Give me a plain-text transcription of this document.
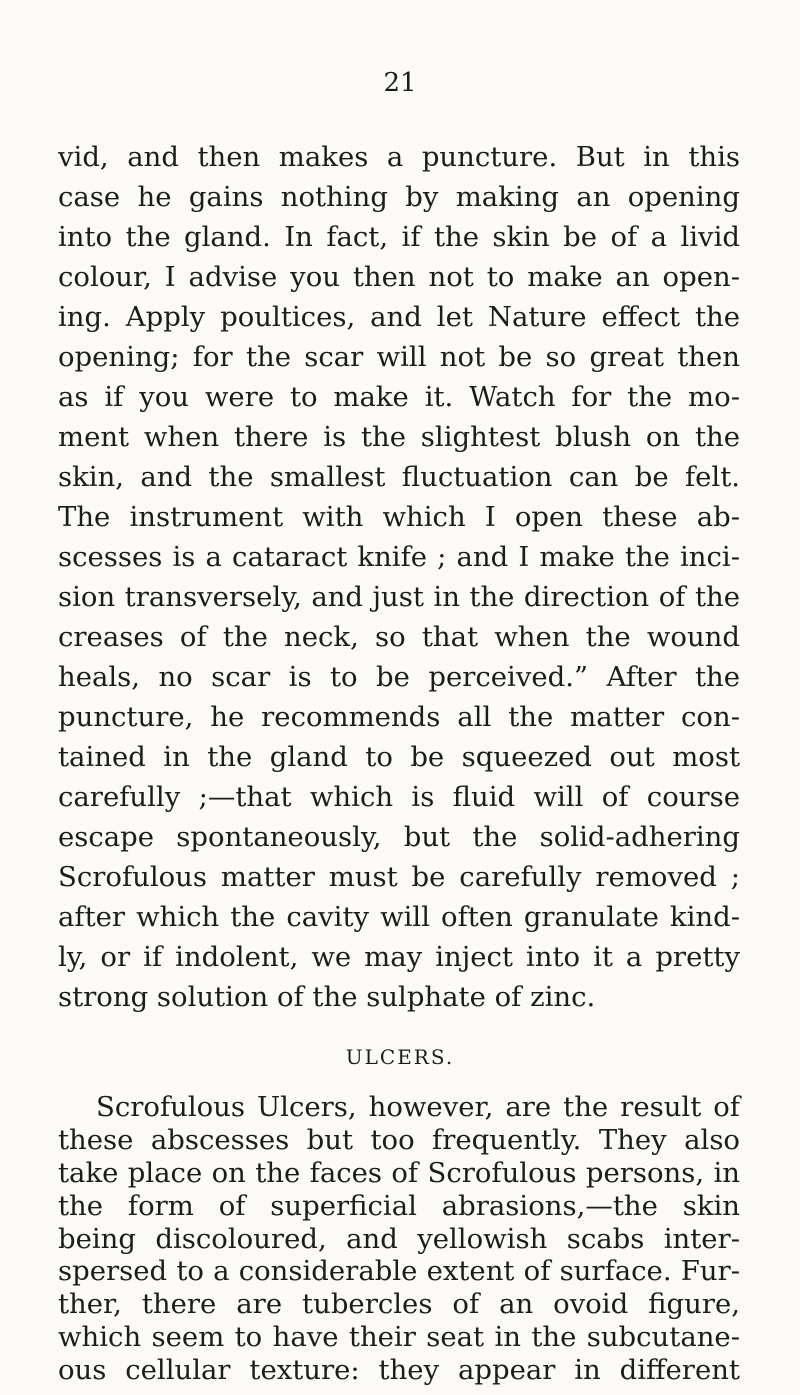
21
vid, and then makes a puncture. But in this
case he gains nothing by making an opening
into the gland. In fact, if the skin be of a livid
colour, I advise you then not to make an open-
ing. Apply poultices, and let Nature effect the
opening; for the scar will not be so great then
as if you were to make it. Watch for the mo-
ment when there is the slightest blush on the
skin, and the smallest fluctuation can be felt.
The instrument with which I open these ab-
scesses is a cataract knife ; and I make the inci-
sion transversely, and just in the direction of the
creases of the neck, so that when the wound
heals, no scar is to be perceived.” After the
puncture, he recommends all the matter con-
tained in the gland to be squeezed out most
carefully ;—that which is fluid will of course
escape spontaneously, but the solid-adhering
Scrofulous matter must be carefully removed ;
after which the cavity will often granulate kind-
ly, or if indolent, we may inject into it a pretty
strong solution of the sulphate of zinc.
ULCERS.
Scrofulous Ulcers, however, are the result of
these abscesses but too frequently. They also
take place on the faces of Scrofulous persons, in
the form of superficial abrasions,—the skin
being discoloured, and yellowish scabs inter-
spersed to a considerable extent of surface. Fur-
ther, there are tubercles of an ovoid figure,
which seem to have their seat in the subcutane-
ous cellular texture: they appear in different
